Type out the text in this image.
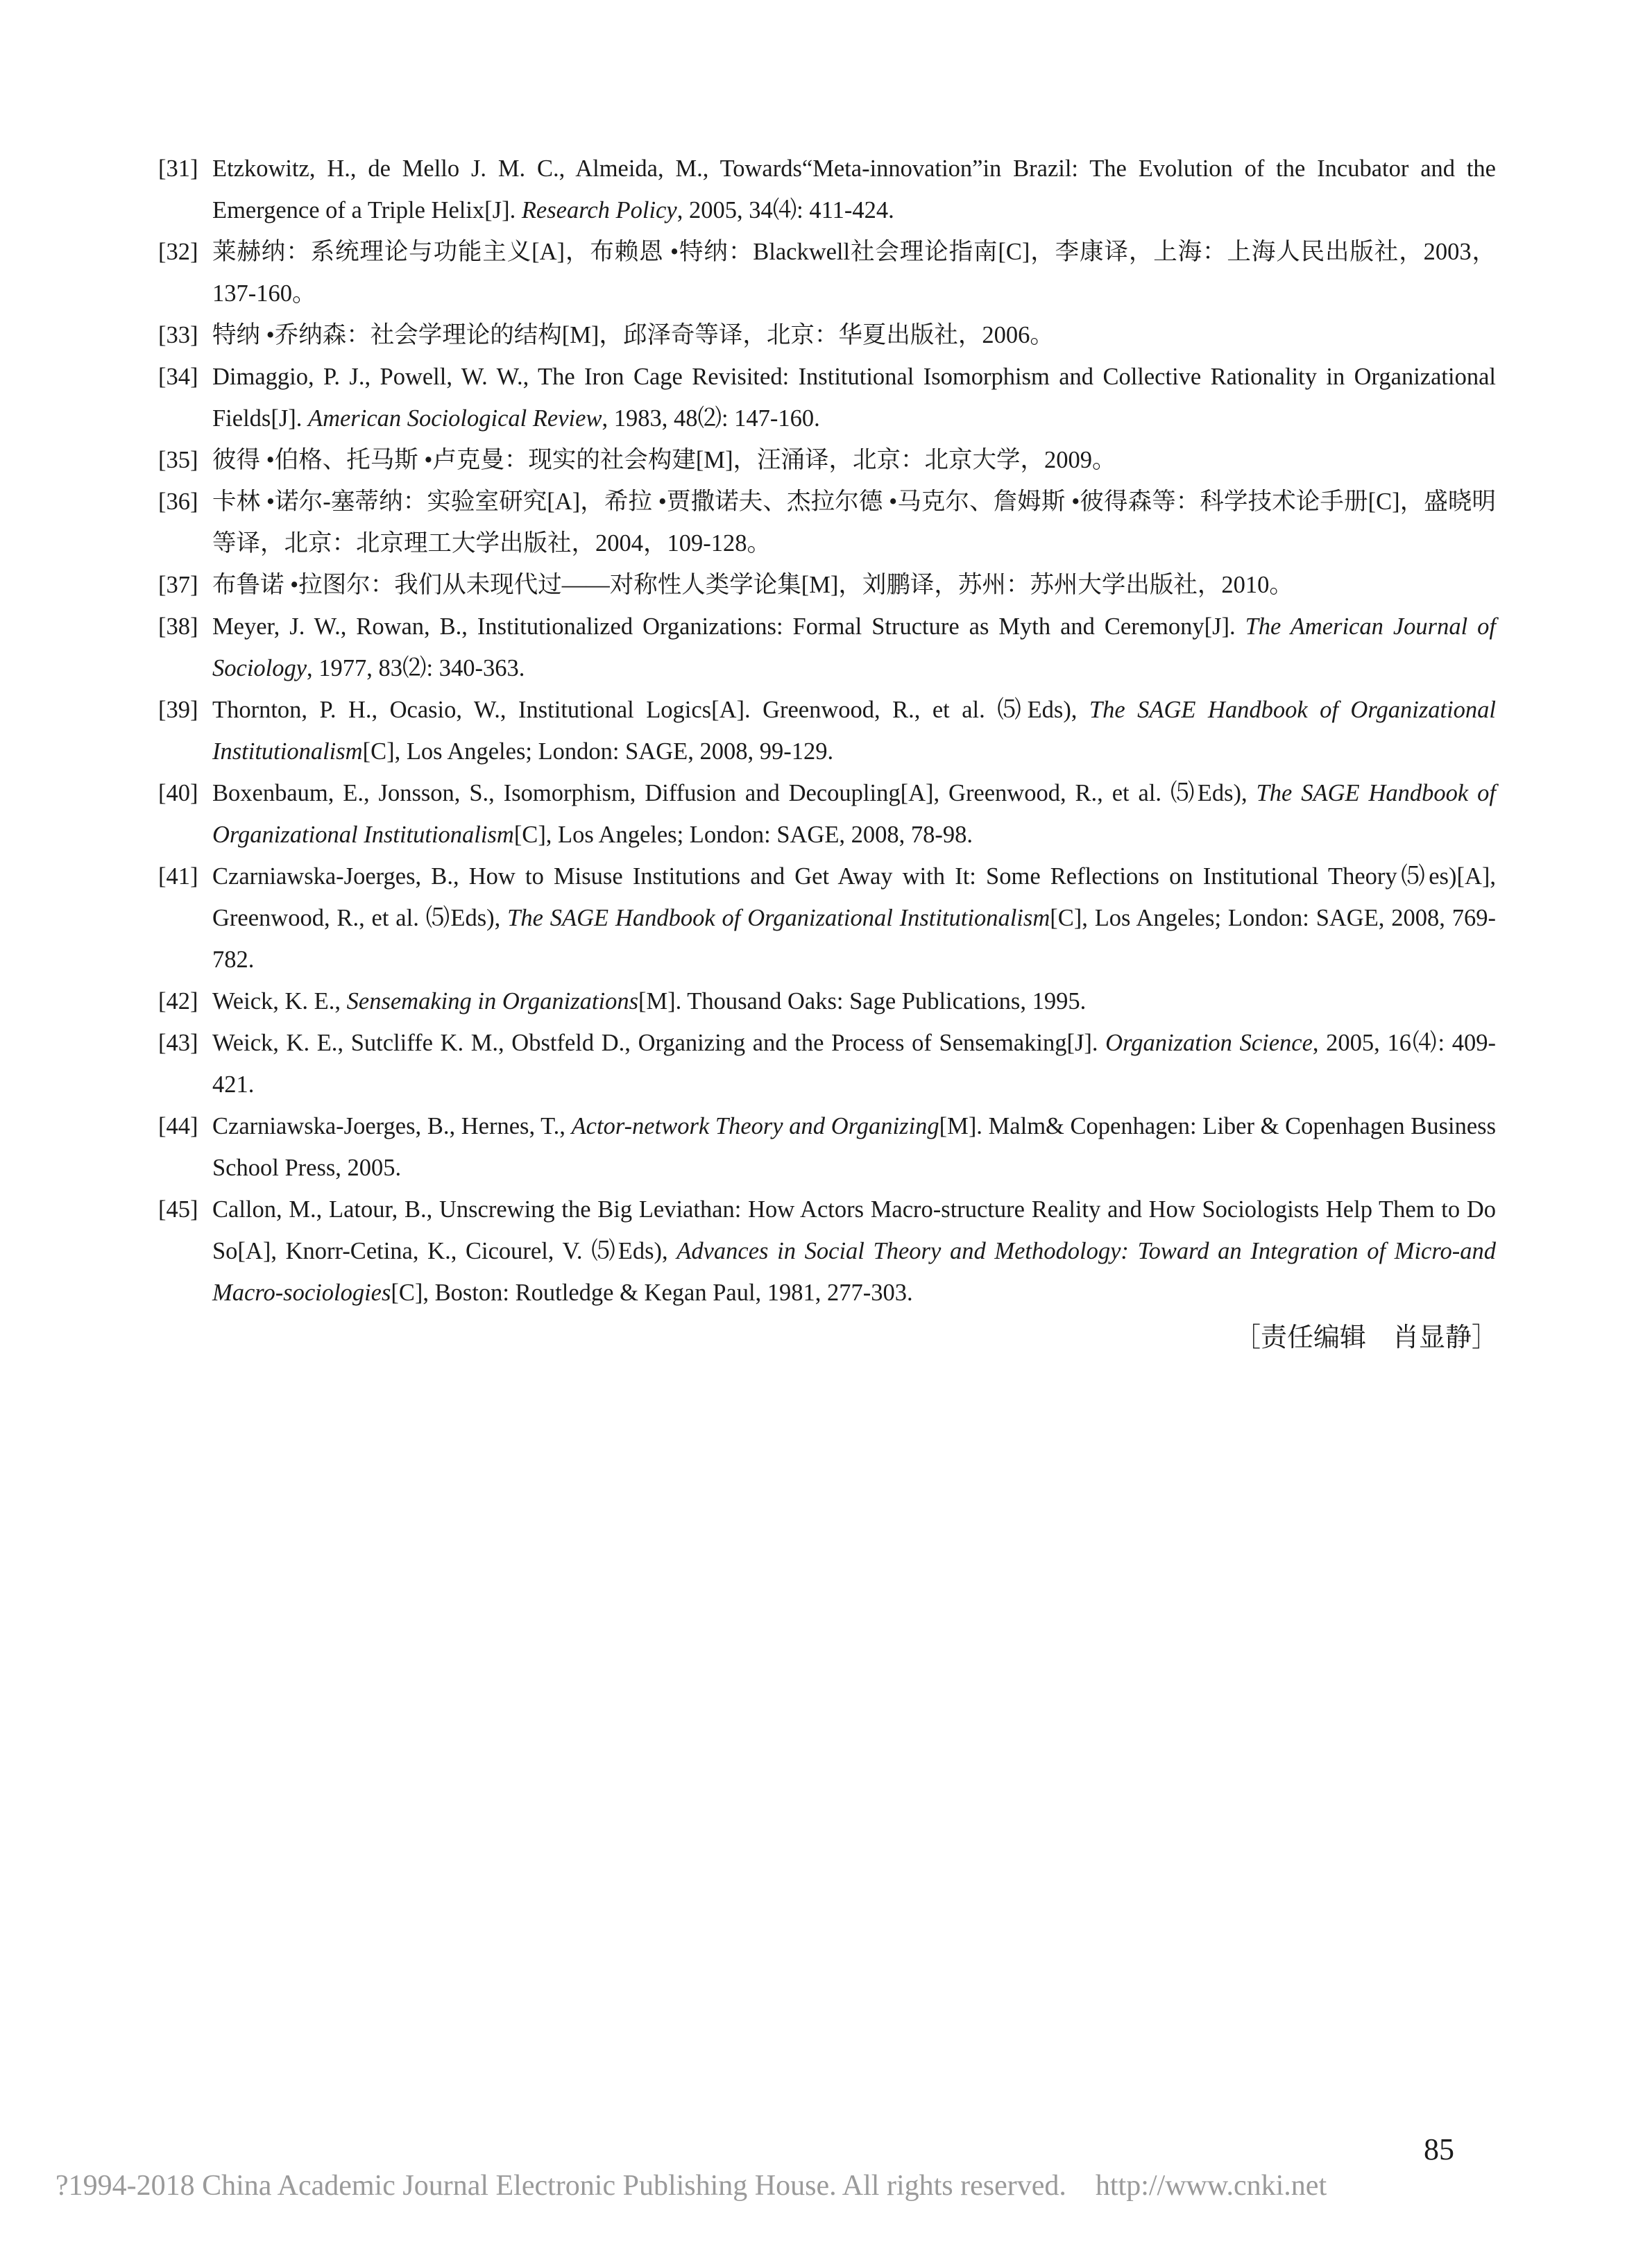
[31] Etzkowitz, H., de Mello J. M. C., Almeida, M., Towards“Meta-innovation”in Brazil: The Evolution of the Incubator and the Emergence of a Triple Helix[J]. Research Policy, 2005, 34⑷: 411-424.

[32] 莱赫纳：系统理论与功能主义[A]，布赖恩 •特纳：Blackwell社会理论指南[C]，李康译，上海：上海人民出版社，2003，137-160。

[33] 特纳 •乔纳森：社会学理论的结构[M]，邱泽奇等译，北京：华夏出版社，2006。

[34] Dimaggio, P. J., Powell, W. W., The Iron Cage Revisited: Institutional Isomorphism and Collective Rationality in Organizational Fields[J]. American Sociological Review, 1983, 48⑵: 147-160.

[35] 彼得 •伯格、托马斯 •卢克曼：现实的社会构建[M]，汪涌译，北京：北京大学，2009。

[36] 卡林 •诺尔-塞蒂纳：实验室研究[A]，希拉 •贾撒诺夫、杰拉尔德 •马克尔、詹姆斯 •彼得森等：科学技术论手册[C]，盛晓明等译，北京：北京理工大学出版社，2004，109-128。

[37] 布鲁诺 •拉图尔：我们从未现代过——对称性人类学论集[M]，刘鹏译，苏州：苏州大学出版社，2010。

[38] Meyer, J. W., Rowan, B., Institutionalized Organizations: Formal Structure as Myth and Ceremony[J]. The American Journal of Sociology, 1977, 83⑵: 340-363.

[39] Thornton, P. H., Ocasio, W., Institutional Logics[A]. Greenwood, R., et al. ⑸Eds), The SAGE Handbook of Organizational Institutionalism[C], Los Angeles; London: SAGE, 2008, 99-129.

[40] Boxenbaum, E., Jonsson, S., Isomorphism, Diffusion and Decoupling[A], Greenwood, R., et al. ⑸Eds), The SAGE Handbook of Organizational Institutionalism[C], Los Angeles; London: SAGE, 2008, 78-98.

[41] Czarniawska-Joerges, B., How to Misuse Institutions and Get Away with It: Some Reflections on Institutional Theory⑸es)[A], Greenwood, R., et al. ⑸Eds), The SAGE Handbook of Organizational Institutionalism[C], Los Angeles; London: SAGE, 2008, 769-782.

[42] Weick, K. E., Sensemaking in Organizations[M]. Thousand Oaks: Sage Publications, 1995.

[43] Weick, K. E., Sutcliffe K. M., Obstfeld D., Organizing and the Process of Sensemaking[J]. Organization Science, 2005, 16⑷: 409-421.

[44] Czarniawska-Joerges, B., Hernes, T., Actor-network Theory and Organizing[M]. Malm& Copenhagen: Liber & Copenhagen Business School Press, 2005.

[45] Callon, M., Latour, B., Unscrewing the Big Leviathan: How Actors Macro-structure Reality and How Sociologists Help Them to Do So[A], Knorr-Cetina, K., Cicourel, V. ⑸Eds), Advances in Social Theory and Methodology: Toward an Integration of Micro-and Macro-sociologies[C], Boston: Routledge & Kegan Paul, 1981, 277-303.

［责任编辑　肖显静］
85
?1994-2018 China Academic Journal Electronic Publishing House. All rights reserved.    http://www.cnki.net
